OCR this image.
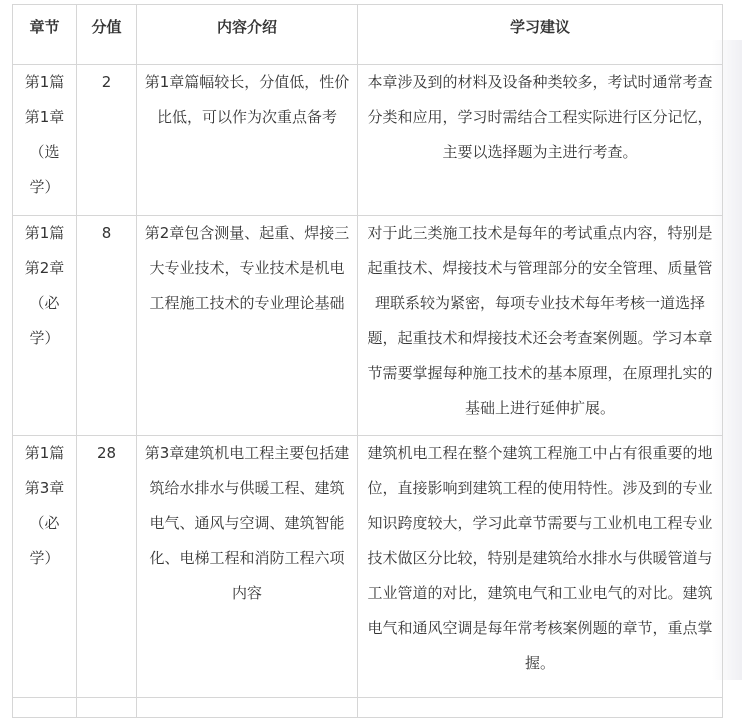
章节	分值	内容介绍	学习建议

第1篇
第1章
（选
学）	2	第1章篇幅较长，分值低，性价比低，可以作为次重点备考	本章涉及到的材料及设备种类较多，考试时通常考查分类和应用，学习时需结合工程实际进行区分记忆，主要以选择题为主进行考查。

第1篇
第2章
（必
学）	8	第2章包含测量、起重、焊接三大专业技术，专业技术是机电工程施工技术的专业理论基础	对于此三类施工技术是每年的考试重点内容，特别是起重技术、焊接技术与管理部分的安全管理、质量管理联系较为紧密，每项专业技术每年考核一道选择题，起重技术和焊接技术还会考查案例题。学习本章节需要掌握每种施工技术的基本原理，在原理扎实的基础上进行延伸扩展。

第1篇
第3章
（必
学）	28	第3章建筑机电工程主要包括建筑给水排水与供暖工程、建筑电气、通风与空调、建筑智能化、电梯工程和消防工程六项内容	建筑机电工程在整个建筑工程施工中占有很重要的地位，直接影响到建筑工程的使用特性。涉及到的专业知识跨度较大，学习此章节需要与工业机电工程专业技术做区分比较，特别是建筑给水排水与供暖管道与工业管道的对比，建筑电气和工业电气的对比。建筑电气和通风空调是每年常考核案例题的章节，重点掌握。
